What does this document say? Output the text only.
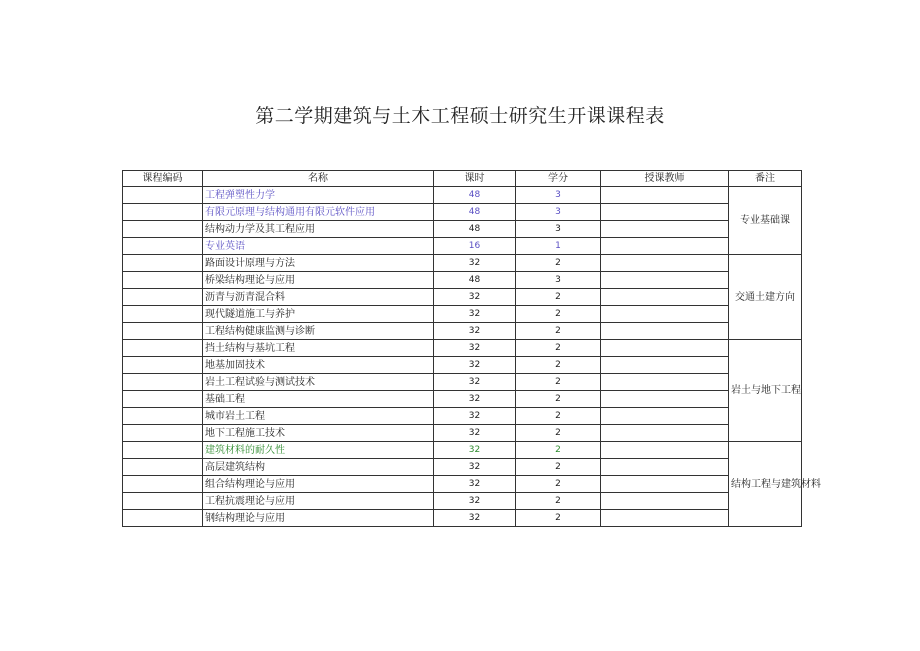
第二学期建筑与土木工程硕士研究生开课课程表
课程编码	名称	课时	学分	授课教师	番注
	工程弹塑性力学	48	3		专业基础课
	有限元原理与结构通用有限元软件应用	48	3		
	结构动力学及其工程应用	48	3		
	专业英语	16	1		
	路面设计原理与方法	32	2		交通土建方向
	桥梁结构理论与应用	48	3		
	沥青与沥青混合料	32	2		
	现代隧道施工与养护	32	2		
	工程结构健康监测与诊断	32	2		
	挡土结构与基坑工程	32	2		岩土与地下工程
	地基加固技术	32	2		
	岩土工程试验与测试技术	32	2		
	基础工程	32	2		
	城市岩土工程	32	2		
	地下工程施工技术	32	2		
	建筑材料的耐久性	32	2		结构工程与建筑材料
	高层建筑结构	32	2		
	组合结构理论与应用	32	2		
	工程抗震理论与应用	32	2		
	钢结构理论与应用	32	2		
